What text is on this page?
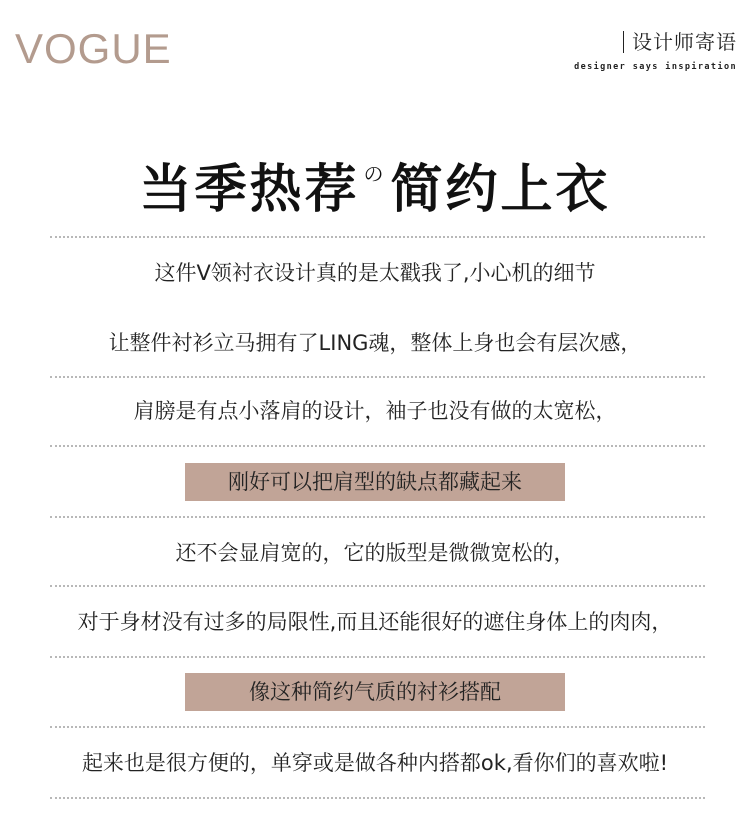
VOGUE	设计师寄语
designer says inspiration
当季热荐 $^の$简约上衣
这件V领衬衣设计真的是太戳我了,小心机的细节
让整件衬衫立马拥有了LING魂，整体上身也会有层次感，
肩膀是有点小落肩的设计，袖子也没有做的太宽松，
刚好可以把肩型的缺点都藏起来
还不会显肩宽的，它的版型是微微宽松的，
对于身材没有过多的局限性,而且还能很好的遮住身体上的肉肉，
像这种简约气质的衬衫搭配
起来也是很方便的，单穿或是做各种内搭都ok,看你们的喜欢啦!
